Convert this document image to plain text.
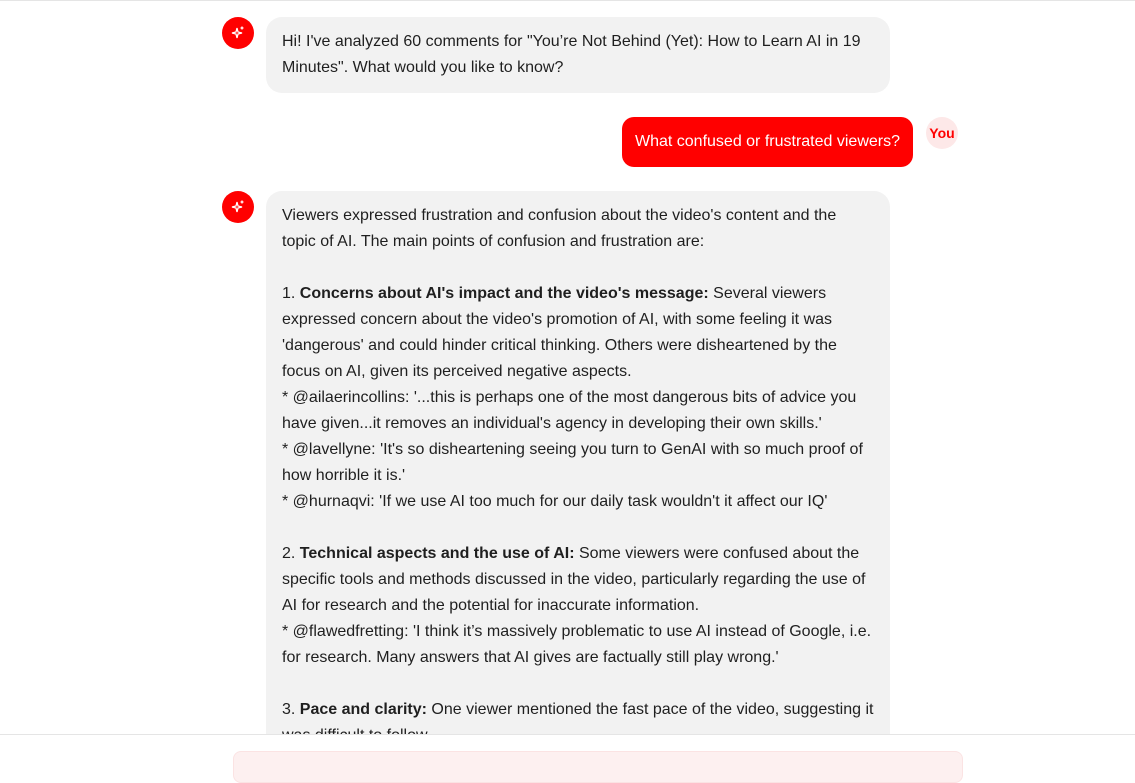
Hi! I've analyzed 60 comments for "You’re Not Behind (Yet): How to Learn AI in 19 Minutes". What would you like to know?

What confused or frustrated viewers? You

Viewers expressed frustration and confusion about the video's content and the topic of AI. The main points of confusion and frustration are:

1. Concerns about AI's impact and the video's message: Several viewers expressed concern about the video's promotion of AI, with some feeling it was 'dangerous' and could hinder critical thinking. Others were disheartened by the focus on AI, given its perceived negative aspects.

* @ailaerincollins: '...this is perhaps one of the most dangerous bits of advice you have given...it removes an individual's agency in developing their own skills.'

* @lavellyne: 'It's so disheartening seeing you turn to GenAI with so much proof of how horrible it is.'

* @hurnaqvi: 'If we use AI too much for our daily task wouldn't it affect our IQ'

2. Technical aspects and the use of AI: Some viewers were confused about the specific tools and methods discussed in the video, particularly regarding the use of AI for research and the potential for inaccurate information.

* @flawedfretting: 'I think it’s massively problematic to use AI instead of Google, i.e. for research. Many answers that AI gives are factually still play wrong.'

3. Pace and clarity: One viewer mentioned the fast pace of the video, suggesting it
